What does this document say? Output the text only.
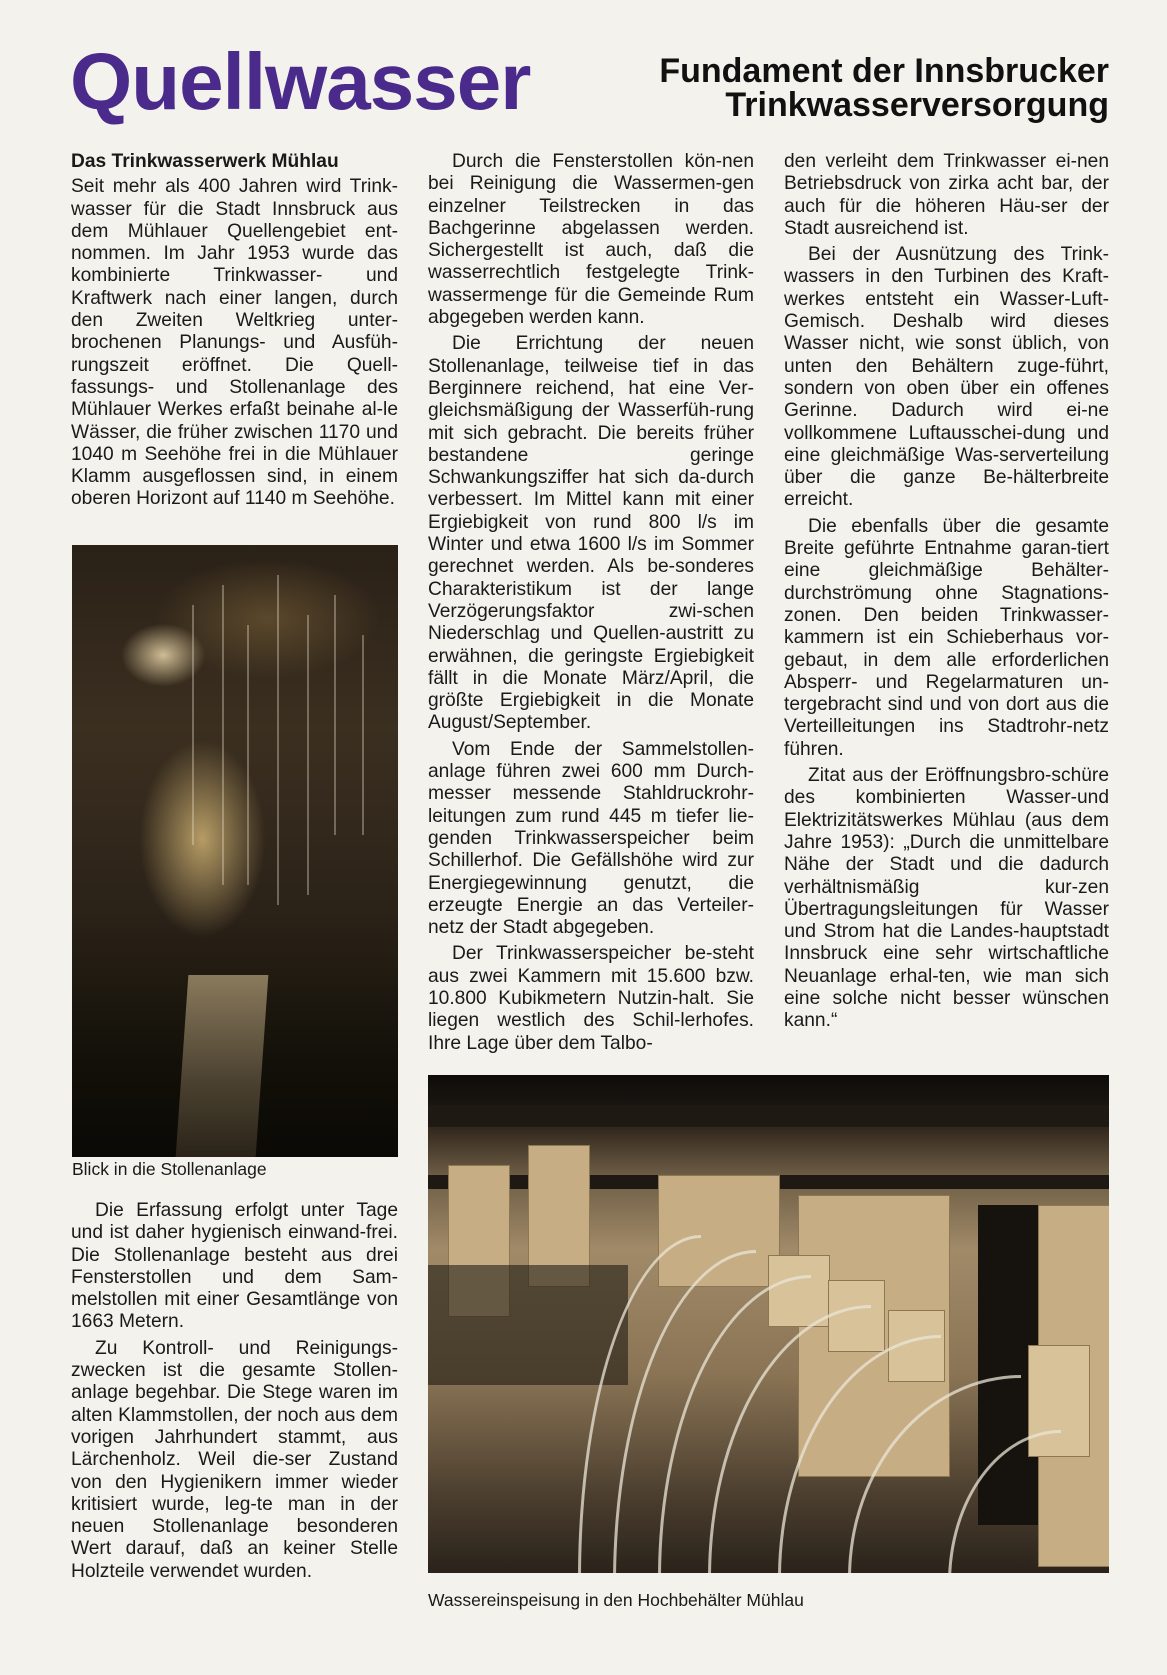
Quellwasser	Fundament der Innsbrucker
Trinkwasserversorgung

Das Trinkwasserwerk Mühlau

Seit mehr als 400 Jahren wird Trink-wasser für die Stadt Innsbruck aus dem Mühlauer Quellengebiet ent-nommen. Im Jahr 1953 wurde das kombinierte Trinkwasser- und Kraftwerk nach einer langen, durch den Zweiten Weltkrieg unter-brochenen Planungs- und Ausfüh-rungszeit eröffnet. Die Quell-fassungs- und Stollenanlage des Mühlauer Werkes erfaßt beinahe al-le Wässer, die früher zwischen 1170 und 1040 m Seehöhe frei in die Mühlauer Klamm ausgeflossen sind, in einem oberen Horizont auf 1140 m Seehöhe.

Blick in die Stollenanlage

Die Erfassung erfolgt unter Tage und ist daher hygienisch einwand-frei. Die Stollenanlage besteht aus drei Fensterstollen und dem Sam-melstollen mit einer Gesamtlänge von 1663 Metern.

Zu Kontroll- und Reinigungs-zwecken ist die gesamte Stollen-anlage begehbar. Die Stege waren im alten Klammstollen, der noch aus dem vorigen Jahrhundert stammt, aus Lärchenholz. Weil die-ser Zustand von den Hygienikern immer wieder kritisiert wurde, leg-te man in der neuen Stollenanlage besonderen Wert darauf, daß an keiner Stelle Holzteile verwendet wurden.

Durch die Fensterstollen kön-nen bei Reinigung die Wassermen-gen einzelner Teilstrecken in das Bachgerinne abgelassen werden. Sichergestellt ist auch, daß die wasserrechtlich festgelegte Trink-wassermenge für die Gemeinde Rum abgegeben werden kann.

Die Errichtung der neuen Stollenanlage, teilweise tief in das Berginnere reichend, hat eine Ver-gleichsmäßigung der Wasserfüh-rung mit sich gebracht. Die bereits früher bestandene geringe Schwankungsziffer hat sich da-durch verbessert. Im Mittel kann mit einer Ergiebigkeit von rund 800 l/s im Winter und etwa 1600 l/s im Sommer gerechnet werden. Als be-sonderes Charakteristikum ist der lange Verzögerungsfaktor zwi-schen Niederschlag und Quellen-austritt zu erwähnen, die geringste Ergiebigkeit fällt in die Monate März/April, die größte Ergiebigkeit in die Monate August/September.

Vom Ende der Sammelstollen-anlage führen zwei 600 mm Durch-messer messende Stahldruckrohr-leitungen zum rund 445 m tiefer lie-genden Trinkwasserspeicher beim Schillerhof. Die Gefällshöhe wird zur Energiegewinnung genutzt, die erzeugte Energie an das Verteiler-netz der Stadt abgegeben.

Der Trinkwasserspeicher be-steht aus zwei Kammern mit 15.600 bzw. 10.800 Kubikmetern Nutzin-halt. Sie liegen westlich des Schil-lerhofes. Ihre Lage über dem Talbo-

den verleiht dem Trinkwasser ei-nen Betriebsdruck von zirka acht bar, der auch für die höheren Häu-ser der Stadt ausreichend ist.

Bei der Ausnützung des Trink-wassers in den Turbinen des Kraft-werkes entsteht ein Wasser-Luft-Gemisch. Deshalb wird dieses Wasser nicht, wie sonst üblich, von unten den Behältern zuge-führt, sondern von oben über ein offenes Gerinne. Dadurch wird ei-ne vollkommene Luftausschei-dung und eine gleichmäßige Was-serverteilung über die ganze Be-hälterbreite erreicht.

Die ebenfalls über die gesamte Breite geführte Entnahme garan-tiert eine gleichmäßige Behälter-durchströmung ohne Stagnations-zonen. Den beiden Trinkwasser-kammern ist ein Schieberhaus vor-gebaut, in dem alle erforderlichen Absperr- und Regelarmaturen un-tergebracht sind und von dort aus die Verteilleitungen ins Stadtrohr-netz führen.

Zitat aus der Eröffnungsbro-schüre des kombinierten Wasser-und Elektrizitätswerkes Mühlau (aus dem Jahre 1953): „Durch die unmittelbare Nähe der Stadt und die dadurch verhältnismäßig kur-zen Übertragungsleitungen für Wasser und Strom hat die Landes-hauptstadt Innsbruck eine sehr wirtschaftliche Neuanlage erhal-ten, wie man sich eine solche nicht besser wünschen kann.“

Wassereinspeisung in den Hochbehälter Mühlau
